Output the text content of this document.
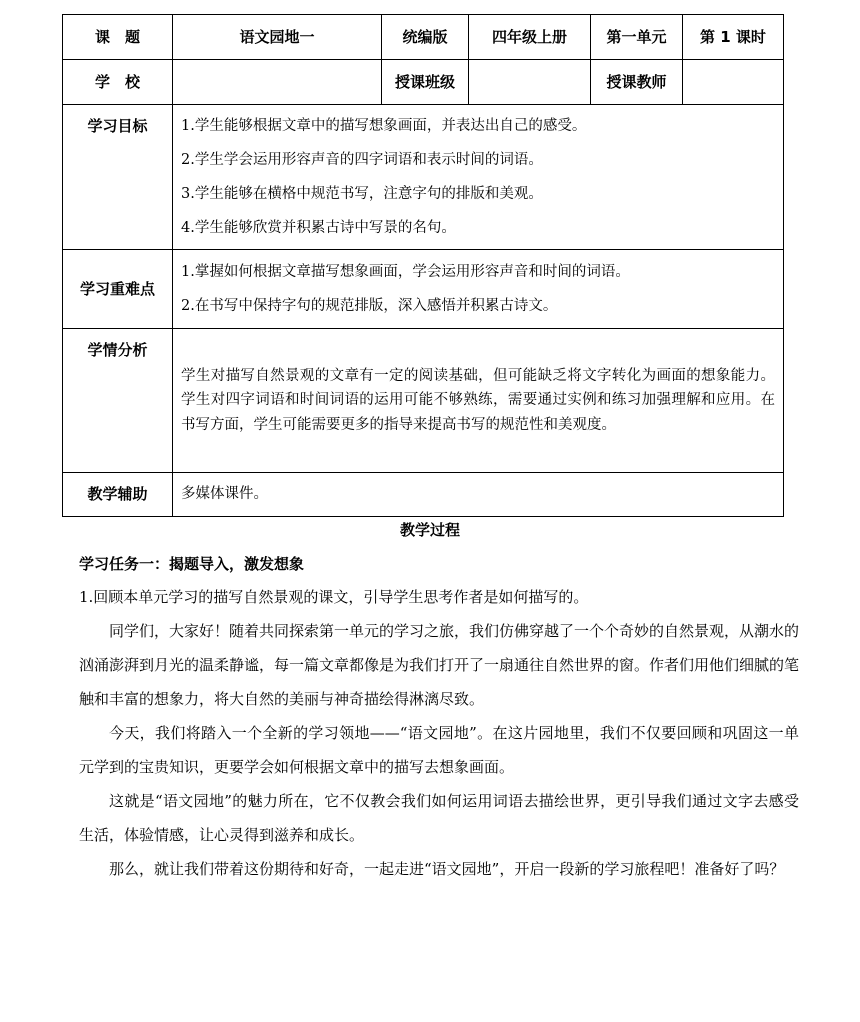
课　题	语文园地一	统编版	四年级上册	第一单元	第 1 课时
学　校		授课班级		授课教师	
学习目标	1.学生能够根据文章中的描写想象画面，并表达出自己的感受。
2.学生学会运用形容声音的四字词语和表示时间的词语。
3.学生能够在横格中规范书写，注意字句的排版和美观。
4.学生能够欣赏并积累古诗中写景的名句。				

学习重难点	1.掌握如何根据文章描写想象画面，学会运用形容声音和时间的词语。
2.在书写中保持字句的规范排版，深入感悟并积累古诗文。				

学情分析	学生对描写自然景观的文章有一定的阅读基础，但可能缺乏将文字转化为画面的想象能力。学生对四字词语和时间词语的运用可能不够熟练，需要通过实例和练习加强理解和应用。在书写方面，学生可能需要更多的指导来提高书写的规范性和美观度。				

教学辅助	多媒体课件。				
教学过程
学习任务一：揭题导入，激发想象

1.回顾本单元学习的描写自然景观的课文，引导学生思考作者是如何描写的。

同学们，大家好！随着共同探索第一单元的学习之旅，我们仿佛穿越了一个个奇妙的自然景观，从潮水的汹涌澎湃到月光的温柔静谧，每一篇文章都像是为我们打开了一扇通往自然世界的窗。作者们用他们细腻的笔触和丰富的想象力，将大自然的美丽与神奇描绘得淋漓尽致。

今天，我们将踏入一个全新的学习领地——“语文园地”。在这片园地里，我们不仅要回顾和巩固这一单元学到的宝贵知识，更要学会如何根据文章中的描写去想象画面。

这就是“语文园地”的魅力所在，它不仅教会我们如何运用词语去描绘世界，更引导我们通过文字去感受生活，体验情感，让心灵得到滋养和成长。

那么，就让我们带着这份期待和好奇，一起走进“语文园地”，开启一段新的学习旅程吧！准备好了吗？
